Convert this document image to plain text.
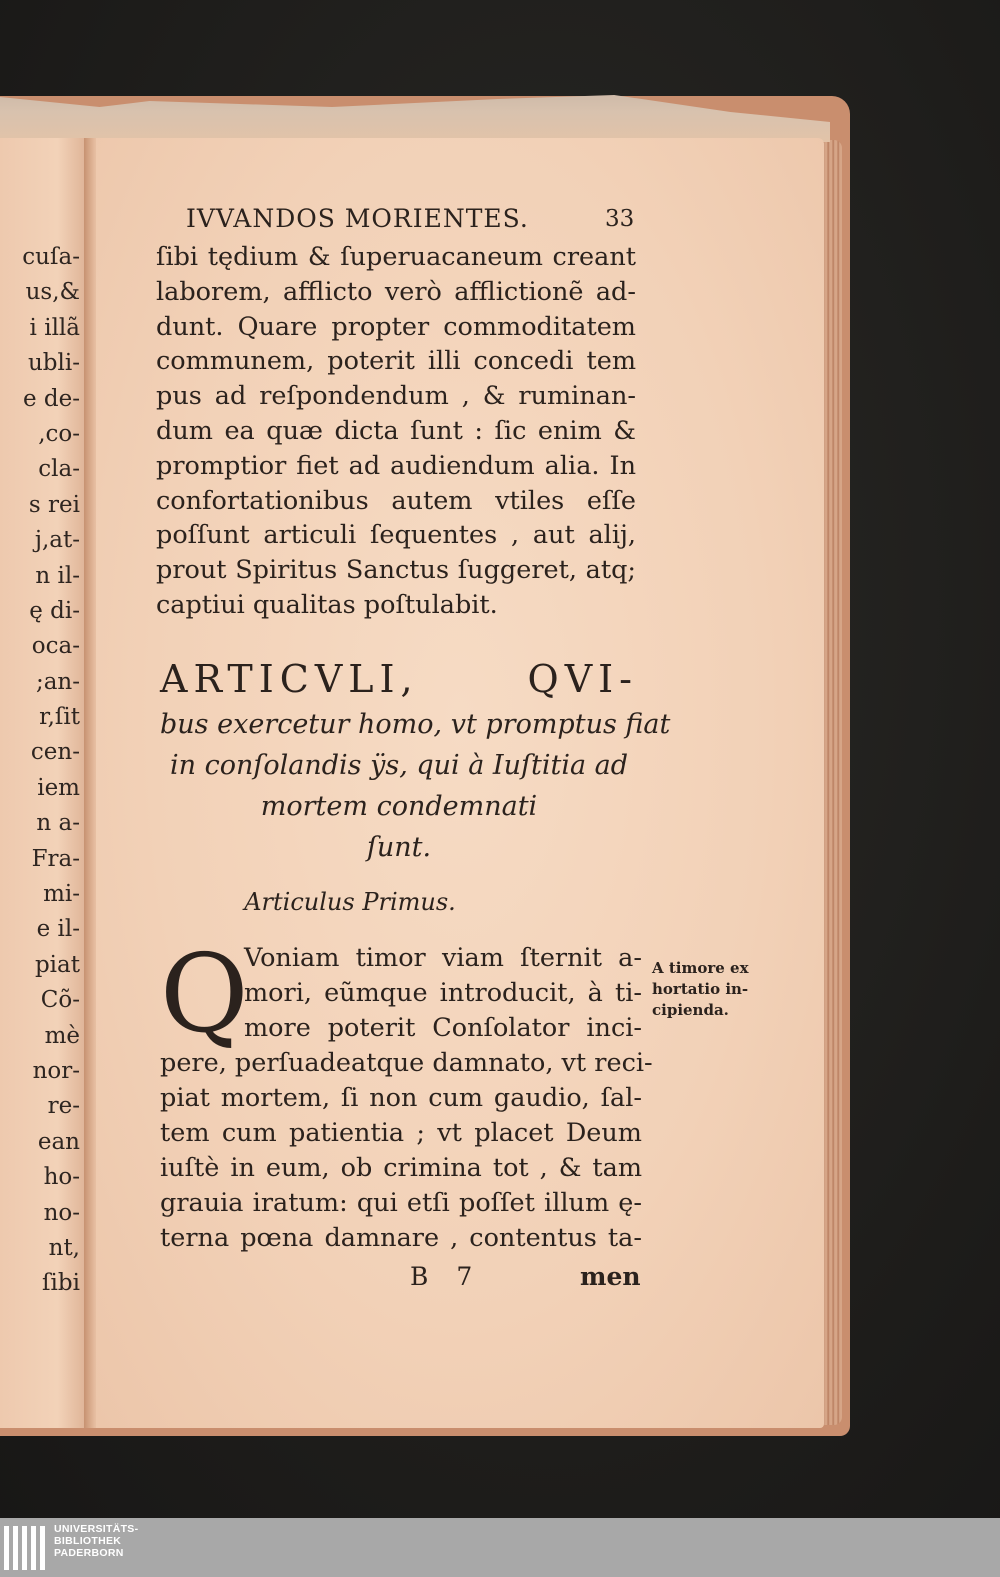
cuſa-
us,&
i illã
ubli-
e de-
,co-
cla-
s rei
j,at-
n il-
ę di-
oca-
;an-
r,ſit
cen-
iem
n a-
Fra-
mi-
e il-
piat
Cõ-
mè
nor-
re-
ean
ho-
no-
nt,
ſibi
IVVANDOS MORIENTES.	33
ſibi tędium & ſuperuacaneum creant
laborem, afflicto verò afflictionẽ ad-
dunt. Quare propter commoditatem
communem, poterit illi concedi tem
pus ad reſpondendum , & ruminan-
dum ea quæ dicta ſunt : ſic enim &
promptior fiet ad audiendum alia. In
confortationibus autem vtiles eſſe
poſſunt articuli ſequentes , aut alij,
prout Spiritus Sanctus ſuggeret, atq;
captiui qualitas poſtulabit.
ARTICVLI, QVI-
bus exercetur homo, vt promptus fiat
in conſolandis ÿs, qui à Iuſtitia ad
mortem condemnati
ſunt.
Articulus Primus.
Q
Voniam timor viam ſternit a-
mori, eũmque introducit, à ti-
more poterit Conſolator inci-
pere, perſuadeatque damnato, vt reci-
piat mortem, ſi non cum gaudio, ſal-
tem cum patientia ; vt placet Deum
iuſtè in eum, ob crimina tot , & tam
grauia iratum: qui etſi poſſet illum ę-
terna pœna damnare , contentus ta-
A timore ex
hortatio in-
cipienda.
B 7	men
UNIVERSITÄTS-
BIBLIOTHEK
PADERBORN
